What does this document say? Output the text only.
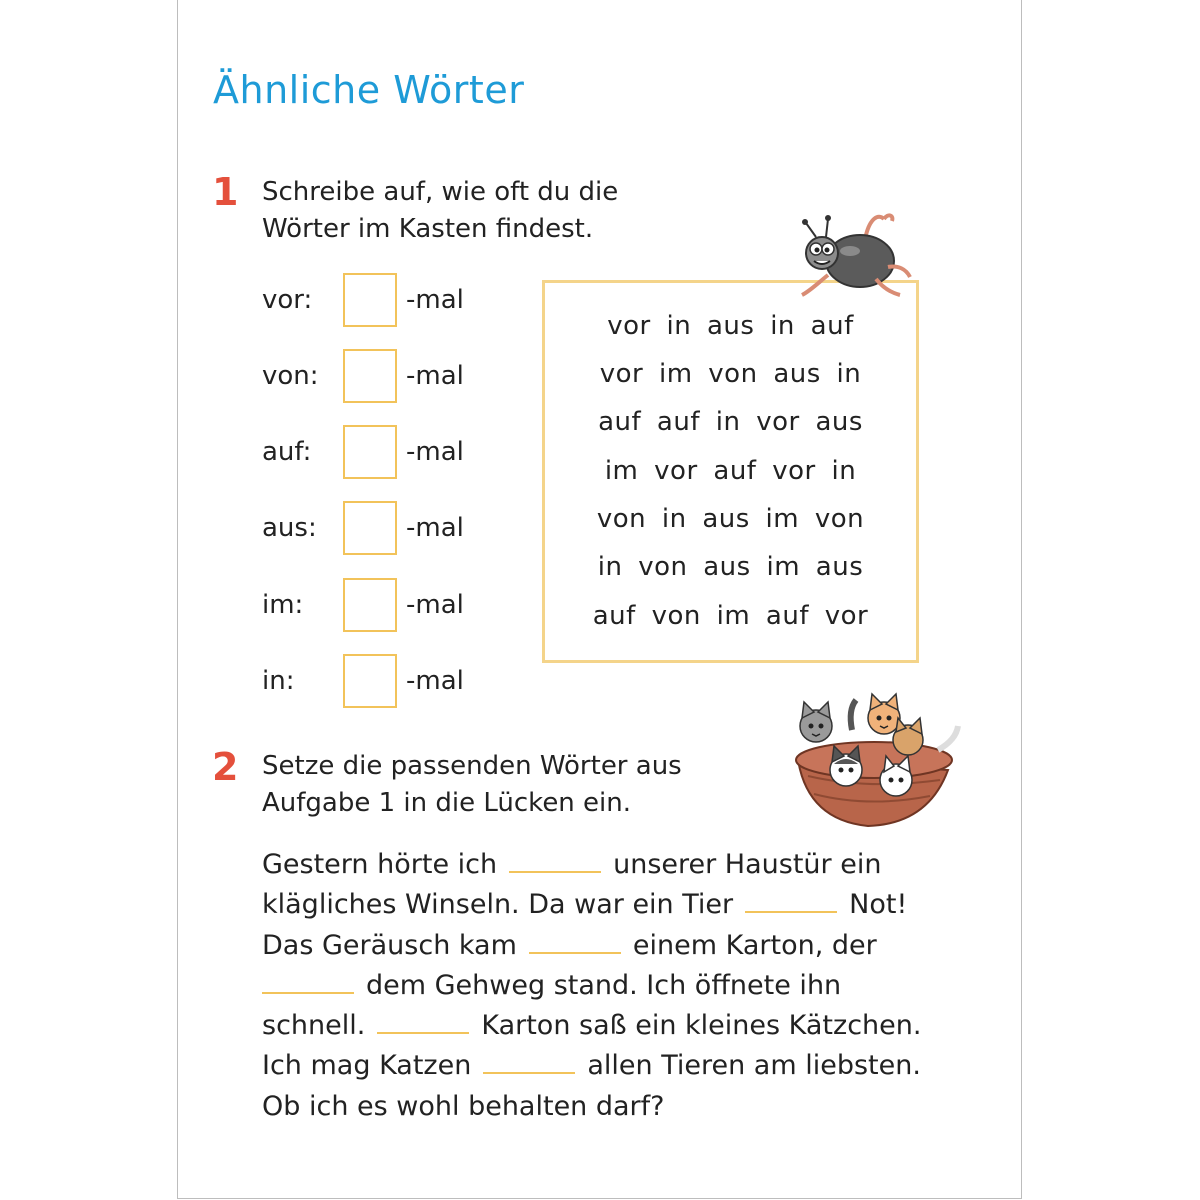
Ähnliche Wörter
1 Schreibe auf, wie oft du die
Wörter im Kasten findest.
vor:	-mal
von:	-mal
auf:	-mal
aus:	-mal
im:	-mal
in:	-mal
vor in aus in auf
vor im von aus in
auf auf in vor aus
im vor auf vor in
von in aus im von
in von aus im aus
auf von im auf vor
2 Setze die passenden Wörter aus
Aufgabe 1 in die Lücken ein.
Gestern hörte ich	unserer Haustür ein
klägliches Winseln. Da war ein Tier	Not!
Das Geräusch kam	einem Karton, der
dem Gehweg stand. Ich öffnete ihn
schnell.	Karton saß ein kleines Kätzchen.
Ich mag Katzen	allen Tieren am liebsten.
Ob ich es wohl behalten darf?
